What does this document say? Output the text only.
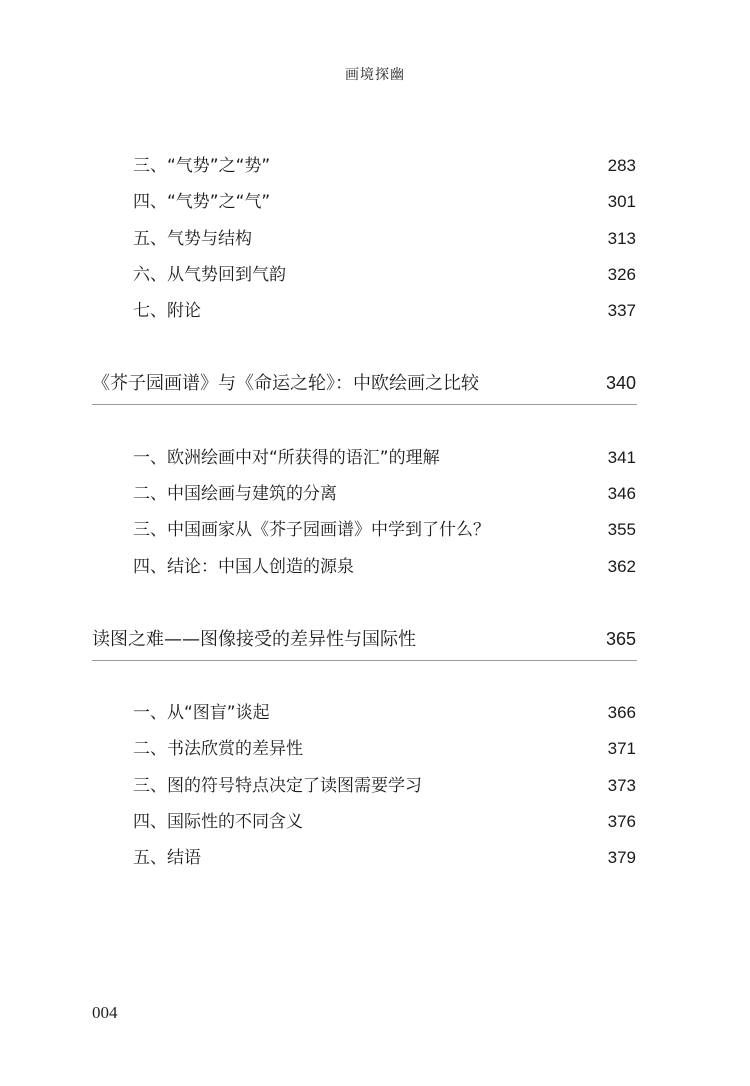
画境探幽
三、“气势”之“势”	283
四、“气势”之“气”	301
五、气势与结构	313
六、从气势回到气韵	326
七、附论	337
《芥子园画谱》与《命运之轮》：中欧绘画之比较	340
一、欧洲绘画中对“所获得的语汇”的理解	341
二、中国绘画与建筑的分离	346
三、中国画家从《芥子园画谱》中学到了什么？	355
四、结论：中国人创造的源泉	362
读图之难——图像接受的差异性与国际性	365
一、从“图盲”谈起	366
二、书法欣赏的差异性	371
三、图的符号特点决定了读图需要学习	373
四、国际性的不同含义	376
五、结语	379
004
